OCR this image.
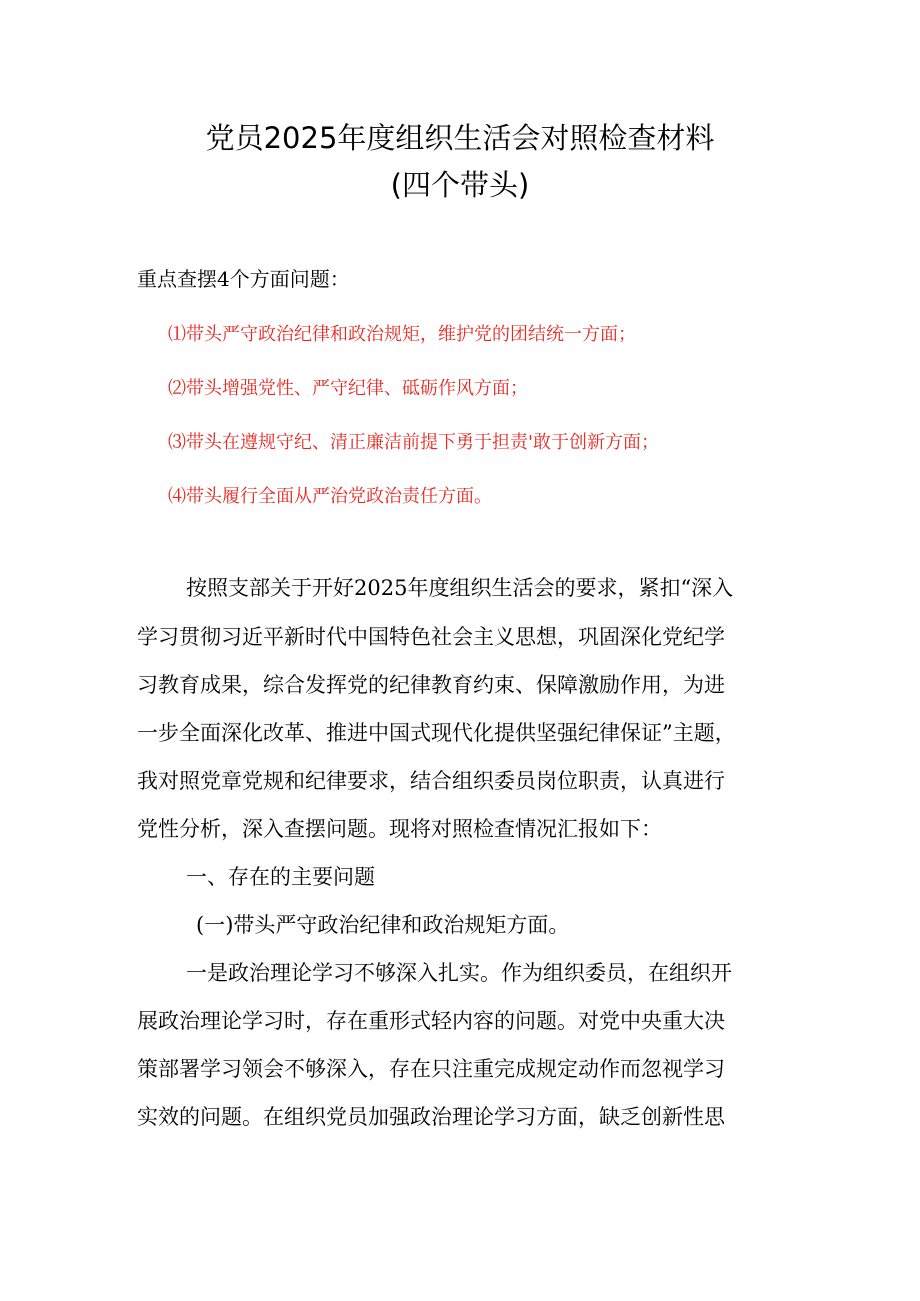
党员2025年度组织生活会对照检查材料
(四个带头)
重点查摆4个方面问题：
⑴带头严守政治纪律和政治规矩，维护党的团结统一方面；
⑵带头增强党性、严守纪律、砥砺作风方面；
⑶带头在遵规守纪、清正廉洁前提下勇于担责'敢于创新方面；
⑷带头履行全面从严治党政治责任方面。
按照支部关于开好2025年度组织生活会的要求，紧扣“深入
学习贯彻习近平新时代中国特色社会主义思想，巩固深化党纪学
习教育成果，综合发挥党的纪律教育约束、保障激励作用，为进
一步全面深化改革、推进中国式现代化提供坚强纪律保证”主题，
我对照党章党规和纪律要求，结合组织委员岗位职责，认真进行
党性分析，深入查摆问题。现将对照检查情况汇报如下：
一、存在的主要问题
(一)带头严守政治纪律和政治规矩方面。
一是政治理论学习不够深入扎实。作为组织委员，在组织开
展政治理论学习时，存在重形式轻内容的问题。对党中央重大决
策部署学习领会不够深入，存在只注重完成规定动作而忽视学习
实效的问题。在组织党员加强政治理论学习方面，缺乏创新性思
